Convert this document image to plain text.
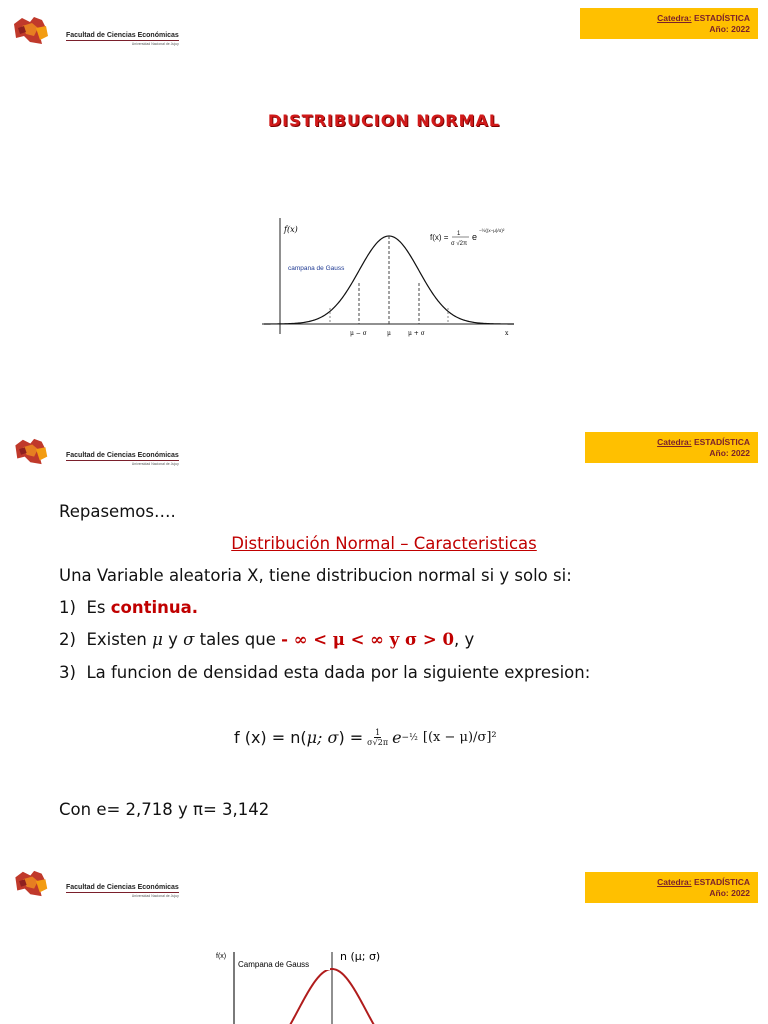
Facultad de Ciencias Económicas
Universidad Nacional de Jujuy
Catedra: ESTADÍSTICA
Año: 2022
DISTRIBUCION NORMAL
f(x)
campana de Gauss
μ − σ	μ	μ + σ	x
f(x) = 1
σ √2π
e
−½((x−μ)/σ)²
Facultad de Ciencias Económicas
Universidad Nacional de Jujuy
Catedra: ESTADÍSTICA
Año: 2022
Repasemos….
Distribución Normal – Caracteristicas
Una Variable aleatoria X, tiene distribucion normal si y solo si:
1) Es continua.
2) Existen μ y σ tales que - ∞ < μ < ∞ y σ > 0, y
3) La funcion de densidad esta dada por la siguiente expresion:
f (x) = n( μ; σ ) = $\frac{1}{\sigma√2\pi}$ e −½
[(x − μ)/σ]²
Con e= 2,718 y π= 3,142
Facultad de Ciencias Económicas
Universidad Nacional de Jujuy
Catedra: ESTADÍSTICA
Año: 2022
f(x)
Campana de Gauss
n (μ; σ)
